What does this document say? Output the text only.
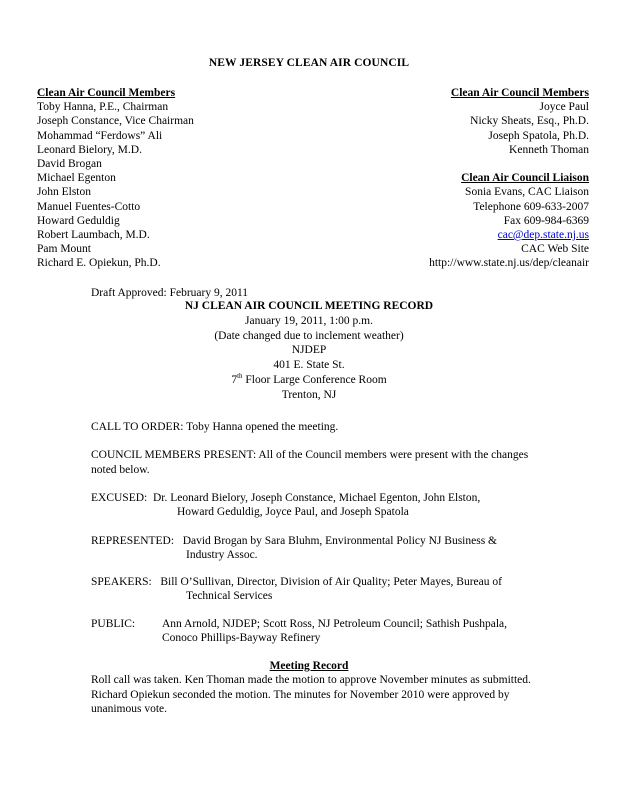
NEW JERSEY CLEAN AIR COUNCIL
Clean Air Council Members
Toby Hanna, P.E., Chairman
Joseph Constance, Vice Chairman
Mohammad “Ferdows” Ali
Leonard Bielory, M.D.
David Brogan
Michael Egenton
John Elston
Manuel Fuentes-Cotto
Howard Geduldig
Robert Laumbach, M.D.
Pam Mount
Richard E. Opiekun, Ph.D.
Clean Air Council Members
Joyce Paul
Nicky Sheats, Esq., Ph.D.
Joseph Spatola, Ph.D.
Kenneth Thoman
Clean Air Council Liaison
Sonia Evans, CAC Liaison
Telephone 609-633-2007
Fax 609-984-6369
cac@dep.state.nj.us
CAC Web Site
http://www.state.nj.us/dep/cleanair
Draft Approved: February 9, 2011
NJ CLEAN AIR COUNCIL MEETING RECORD
January 19, 2011, 1:00 p.m.
(Date changed due to inclement weather)
NJDEP
401 E. State St.
7th Floor Large Conference Room
Trenton, NJ
CALL TO ORDER: Toby Hanna opened the meeting.
COUNCIL MEMBERS PRESENT: All of the Council members were present with the changes noted below.
EXCUSED: Dr. Leonard Bielory, Joseph Constance, Michael Egenton, John Elston,
Howard Geduldig, Joyce Paul, and Joseph Spatola
REPRESENTED: David Brogan by Sara Bluhm, Environmental Policy NJ Business &
Industry Assoc.
SPEAKERS: Bill O’Sullivan, Director, Division of Air Quality; Peter Mayes, Bureau of
Technical Services
PUBLIC: Ann Arnold, NJDEP; Scott Ross, NJ Petroleum Council; Sathish Pushpala,
Conoco Phillips-Bayway Refinery
Meeting Record
Roll call was taken. Ken Thoman made the motion to approve November minutes as submitted. Richard Opiekun seconded the motion. The minutes for November 2010 were approved by unanimous vote.
